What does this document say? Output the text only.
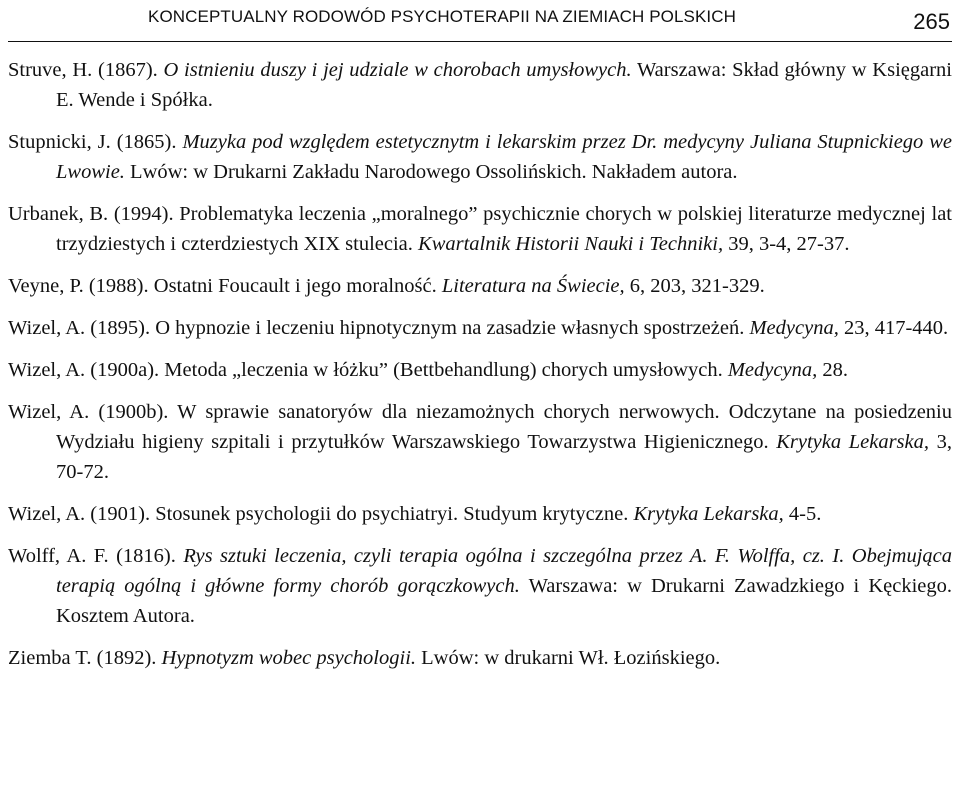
KONCEPTUALNY RODOWÓD PSYCHOTERAPII NA ZIEMIACH POLSKICH	265
Struve, H. (1867). O istnieniu duszy i jej udziale w chorobach umysłowych. Warszawa: Skład główny w Księgarni E. Wende i Spółka.
Stupnicki, J. (1865). Muzyka pod względem estetycznytm i lekarskim przez Dr. medycyny Juliana Stupnickiego we Lwowie. Lwów: w Drukarni Zakładu Narodowego Ossolińskich. Nakładem autora.
Urbanek, B. (1994). Problematyka leczenia „moralnego” psychicznie chorych w polskiej literaturze medycznej lat trzydziestych i czterdziestych XIX stulecia. Kwartalnik Historii Nauki i Techniki, 39, 3-4, 27-37.
Veyne, P. (1988). Ostatni Foucault i jego moralność. Literatura na Świecie, 6, 203, 321-329.
Wizel, A. (1895). O hypnozie i leczeniu hipnotycznym na zasadzie własnych spostrzeżeń. Medycyna, 23, 417-440.
Wizel, A. (1900a). Metoda „leczenia w łóżku” (Bettbehandlung) chorych umysłowych. Medycyna, 28.
Wizel, A. (1900b). W sprawie sanatoryów dla niezamożnych chorych nerwowych. Odczytane na posiedzeniu Wydziału higieny szpitali i przytułków Warszawskiego Towarzystwa Higienicznego. Krytyka Lekarska, 3, 70-72.
Wizel, A. (1901). Stosunek psychologii do psychiatryi. Studyum krytyczne. Krytyka Lekarska, 4-5.
Wolff, A. F. (1816). Rys sztuki leczenia, czyli terapia ogólna i szczególna przez A. F. Wolffa, cz. I. Obejmująca terapią ogólną i główne formy chorób gorączkowych. Warszawa: w Drukarni Zawadzkiego i Kęckiego. Kosztem Autora.
Ziemba T. (1892). Hypnotyzm wobec psychologii. Lwów: w drukarni Wł. Łozińskiego.
